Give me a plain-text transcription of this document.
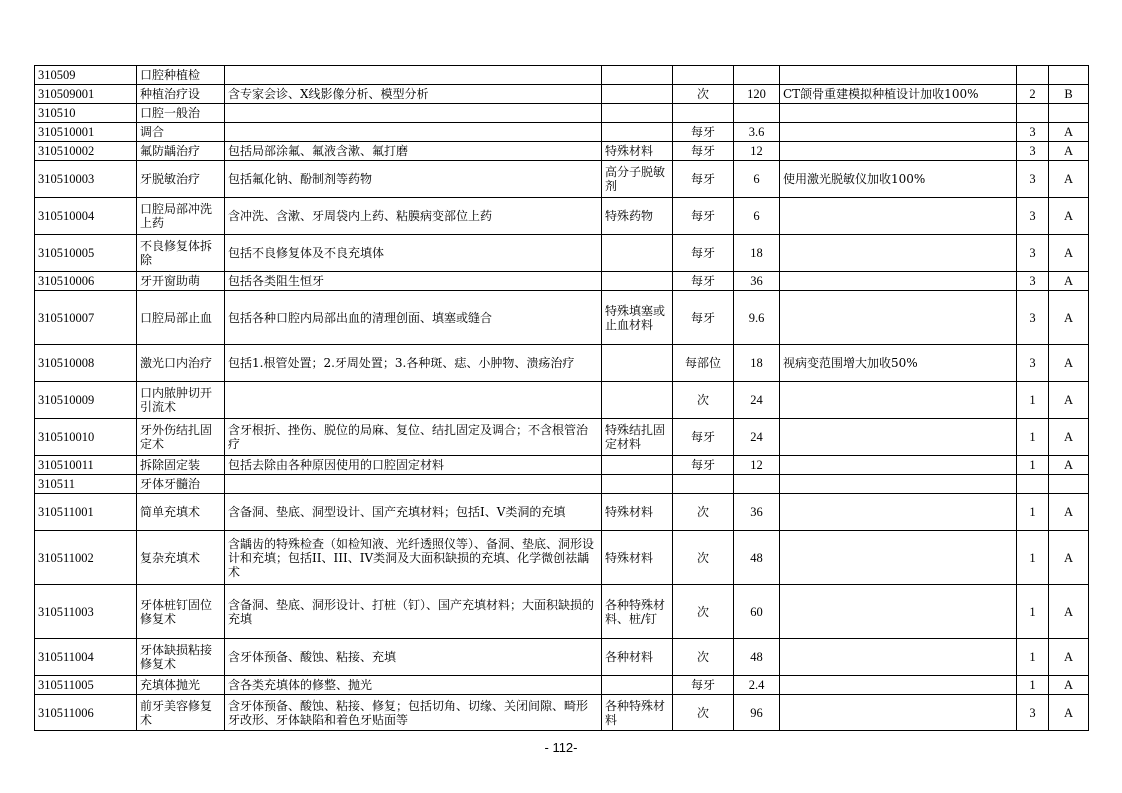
310509	口腔种植检							
310509001	种植治疗设	含专家会诊、X线影像分析、模型分析		次	120	CT颌骨重建模拟种植设计加收100%	2	B
310510	口腔一般治							
310510001	调合			每牙	3.6		3	A
310510002	氟防龋治疗	包括局部涂氟、氟液含漱、氟打磨	特殊材料	每牙	12		3	A
310510003	牙脱敏治疗	包括氟化钠、酚制剂等药物	高分子脱敏剂	每牙	6	使用激光脱敏仪加收100%	3	A
310510004	口腔局部冲洗上药	含冲洗、含漱、牙周袋内上药、粘膜病变部位上药	特殊药物	每牙	6		3	A
310510005	不良修复体拆除	包括不良修复体及不良充填体		每牙	18		3	A
310510006	牙开窗助萌	包括各类阻生恒牙		每牙	36		3	A
310510007	口腔局部止血	包括各种口腔内局部出血的清理创面、填塞或缝合	特殊填塞或止血材料	每牙	9.6		3	A
310510008	激光口内治疗	包括1.根管处置；2.牙周处置；3.各种斑、痣、小肿物、溃疡治疗		每部位	18	视病变范围增大加收50%	3	A
310510009	口内脓肿切开引流术			次	24		1	A
310510010	牙外伤结扎固定术	含牙根折、挫伤、脱位的局麻、复位、结扎固定及调合；不含根管治疗	特殊结扎固定材料	每牙	24		1	A
310510011	拆除固定装	包括去除由各种原因使用的口腔固定材料		每牙	12		1	A
310511	牙体牙髓治							
310511001	简单充填术	含备洞、垫底、洞型设计、国产充填材料；包括I、V类洞的充填	特殊材料	次	36		1	A
310511002	复杂充填术	含龋齿的特殊检查（如检知液、光纤透照仪等）、备洞、垫底、洞形设计和充填；包括II、III、IV类洞及大面积缺损的充填、化学微创祛龋术	特殊材料	次	48		1	A
310511003	牙体桩钉固位修复术	含备洞、垫底、洞形设计、打桩（钉）、国产充填材料；大面积缺损的充填	各种特殊材料、桩/钉	次	60		1	A
310511004	牙体缺损粘接修复术	含牙体预备、酸蚀、粘接、充填	各种材料	次	48		1	A
310511005	充填体抛光	含各类充填体的修整、抛光		每牙	2.4		1	A
310511006	前牙美容修复术	含牙体预备、酸蚀、粘接、修复；包括切角、切缘、关闭间隙、畸形牙改形、牙体缺陷和着色牙贴面等	各种特殊材料	次	96		3	A
- 112-
